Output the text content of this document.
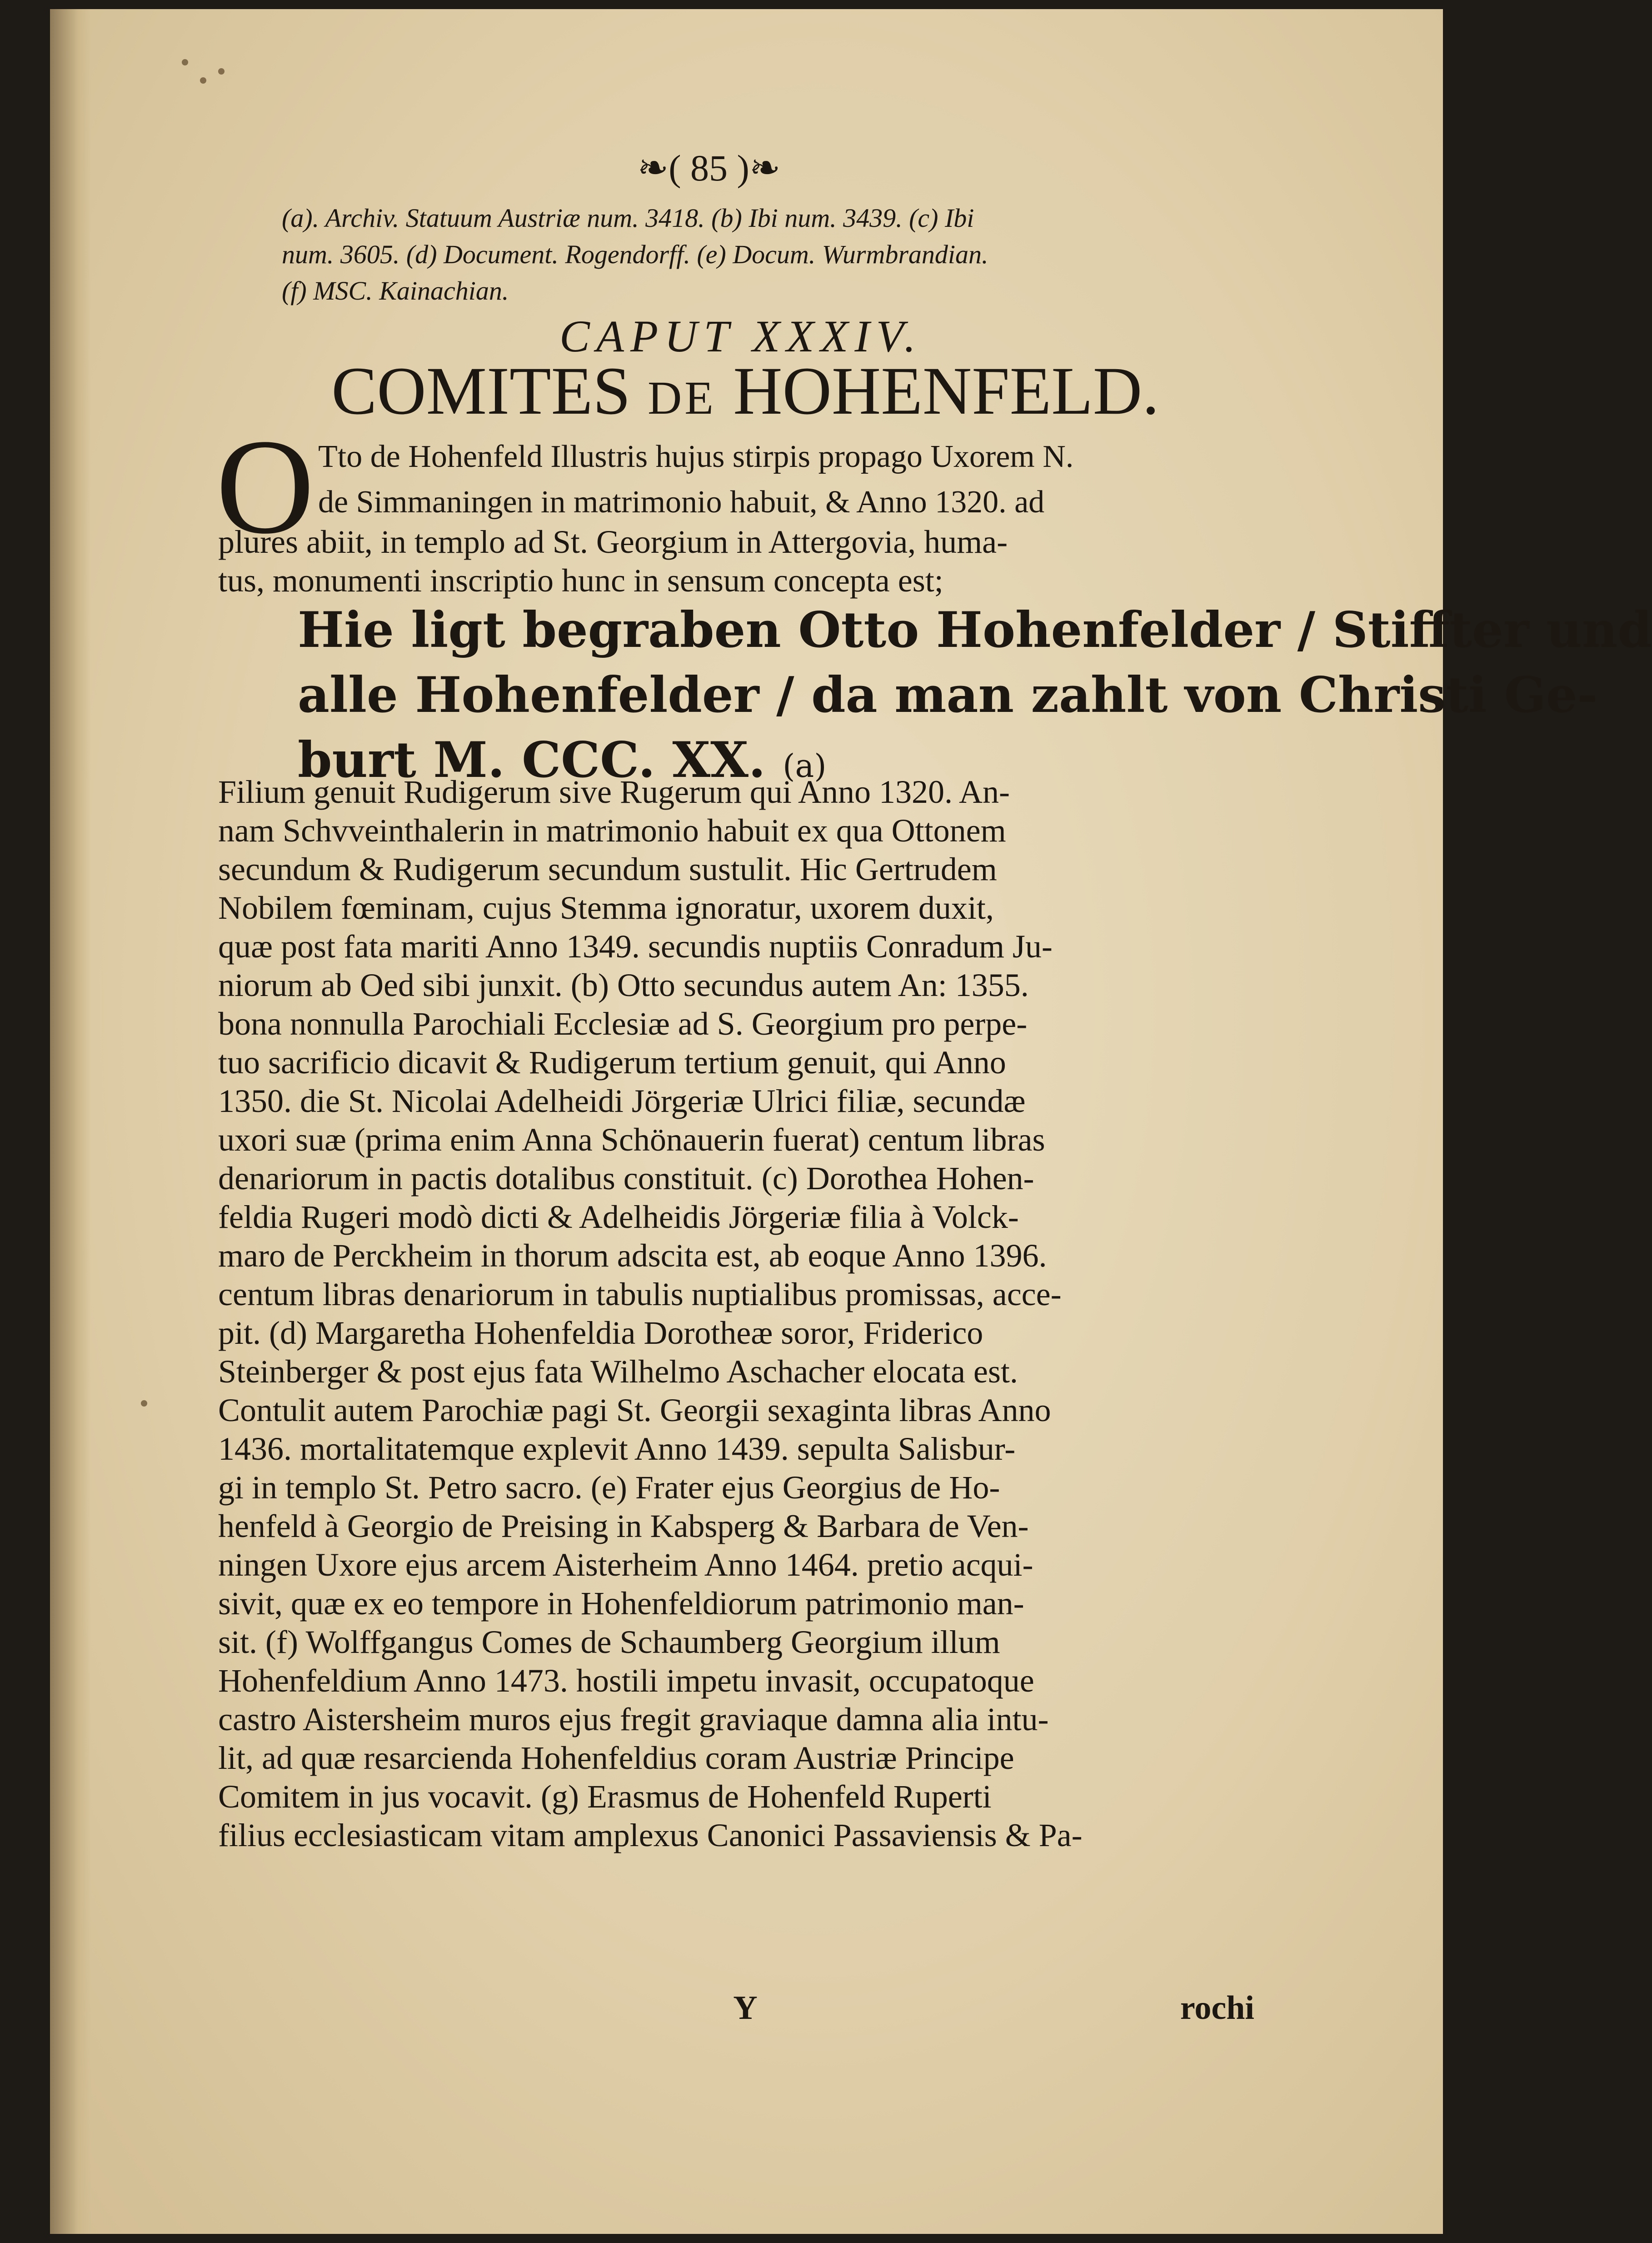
❧( 85 )❧
(a). Archiv. Statuum Austriæ num. 3418. (b) Ibi num. 3439. (c) Ibi
num. 3605. (d) Document. Rogendorff. (e) Docum. Wurmbrandian.
(f) MSC. Kainachian.
CAPUT XXXIV.
COMITES DE HOHENFELD.
O Tto de Hohenfeld Illustris hujus stirpis propago Uxorem N.
de Simmaningen in matrimonio habuit, & Anno 1320. ad
plures abiit, in templo ad St. Georgium in Attergovia, huma-
tus, monumenti inscriptio hunc in sensum concepta est;
Hie ligt begraben Otto Hohenfelder / Stiffter und
alle Hohenfelder / da man zahlt von Christi Ge-
burt M. CCC. XX. (a)
Filium genuit Rudigerum sive Rugerum qui Anno 1320. An-
nam Schvveinthalerin in matrimonio habuit ex qua Ottonem
secundum & Rudigerum secundum sustulit. Hic Gertrudem
Nobilem fœminam, cujus Stemma ignoratur, uxorem duxit,
quæ post fata mariti Anno 1349. secundis nuptiis Conradum Ju-
niorum ab Oed sibi junxit. (b) Otto secundus autem An: 1355.
bona nonnulla Parochiali Ecclesiæ ad S. Georgium pro perpe-
tuo sacrificio dicavit & Rudigerum tertium genuit, qui Anno
1350. die St. Nicolai Adelheidi Jörgeriæ Ulrici filiæ, secundæ
uxori suæ (prima enim Anna Schönauerin fuerat) centum libras
denariorum in pactis dotalibus constituit. (c) Dorothea Hohen-
feldia Rugeri modò dicti & Adelheidis Jörgeriæ filia à Volck-
maro de Perckheim in thorum adscita est, ab eoque Anno 1396.
centum libras denariorum in tabulis nuptialibus promissas, acce-
pit. (d) Margaretha Hohenfeldia Dorotheæ soror, Friderico
Steinberger & post ejus fata Wilhelmo Aschacher elocata est.
Contulit autem Parochiæ pagi St. Georgii sexaginta libras Anno
1436. mortalitatemque explevit Anno 1439. sepulta Salisbur-
gi in templo St. Petro sacro. (e) Frater ejus Georgius de Ho-
henfeld à Georgio de Preising in Kabsperg & Barbara de Ven-
ningen Uxore ejus arcem Aisterheim Anno 1464. pretio acqui-
sivit, quæ ex eo tempore in Hohenfeldiorum patrimonio man-
sit. (f) Wolffgangus Comes de Schaumberg Georgium illum
Hohenfeldium Anno 1473. hostili impetu invasit, occupatoque
castro Aistersheim muros ejus fregit graviaque damna alia intu-
lit, ad quæ resarcienda Hohenfeldius coram Austriæ Principe
Comitem in jus vocavit. (g) Erasmus de Hohenfeld Ruperti
filius ecclesiasticam vitam amplexus Canonici Passaviensis & Pa-
Y	rochi
